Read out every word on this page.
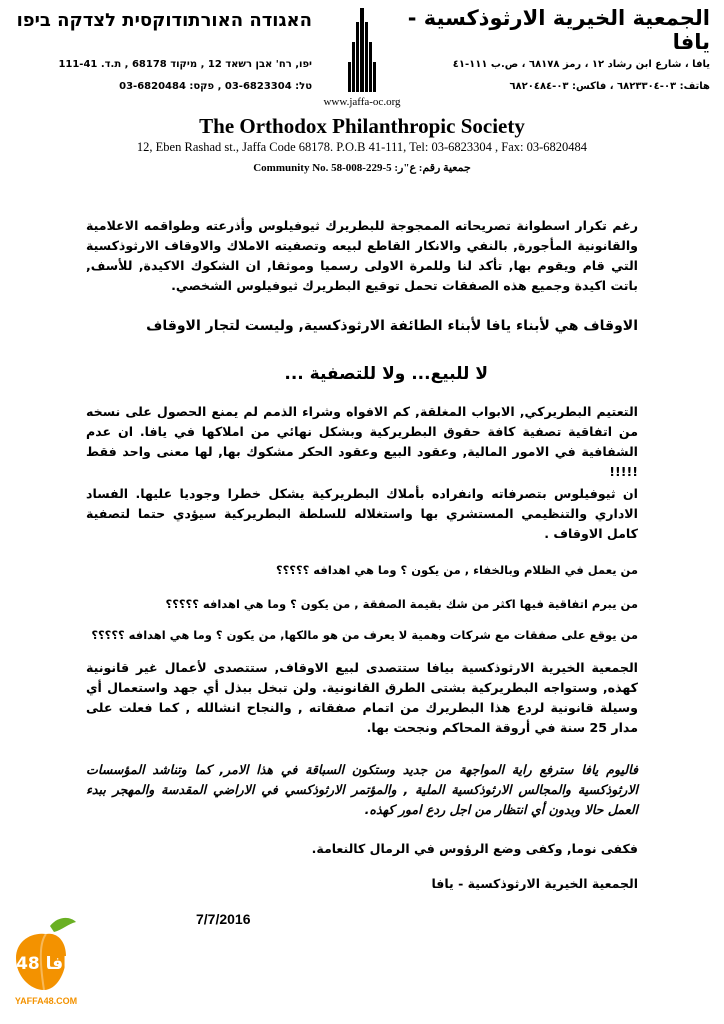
الجمعية الخيرية الارثوذكسية - يافا
يافا ، شارع ابن رشاد ١٢ ، رمز ٦٨١٧٨ ، ص.ب ١١١-٤١
هاتف: ٠٣-٦٨٢٣٣٠٤ ، فاكس: ٠٣-٦٨٢٠٤٨٤
האגודה האורתודוקסית לצדקה ביפו
יפו, רח' אבן רשאד 12 , מיקוד 68178 , ת.ד. 111-41
טל: 03-6823304 , פקס: 03-6820484
www.jaffa-oc.org
The Orthodox Philanthropic Society
12, Eben Rashad st., Jaffa Code 68178. P.O.B 41-111, Tel: 03-6823304 , Fax: 03-6820484
Community No. 58-008-229-5 :جمعية رقم: ع"ر
رغم تكرار اسطوانة تصريحاته الممجوجة للبطريرك ثيوفيلوس وأذرعته وطواقمه الاعلامية والقانونية المأجورة, بالنفي والانكار القاطع لبيعه وتصفيته الاملاك والاوقاف الارثوذكسية التي قام ويقوم بها, تأكد لنا وللمرة الاولى رسميا وموثقا, ان الشكوك الاكيدة, للأسف, باتت اكيدة وجميع هذه الصفقات تحمل توقيع البطريرك ثيوفيلوس الشخصي.
الاوقاف هي لأبناء يافا لأبناء الطائفة الارثوذكسية, وليست لتجار الاوقاف
لا للبيع... ولا للتصفية ...
التعتيم البطريركي, الابواب المغلقة, كم الافواه وشراء الذمم لم يمنع الحصول على نسخه من اتفاقية تصفية كافة حقوق البطريركية وبشكل نهائي من املاكها في يافا. ان عدم الشفافية في الامور المالية, وعقود البيع وعقود الحكر مشكوك بها, لها معنى واحد فقط !!!!!
ان ثيوفيلوس بتصرفاته وانفراده بأملاك البطريركية يشكل خطرا وجوديا عليها. الفساد الاداري والتنظيمي المستشري بها واستغلاله للسلطة البطريركية سيؤدي حتما لتصفية كامل الاوقاف .
من يعمل في الظلام وبالخفاء , من يكون ؟ وما هي اهدافه ؟؟؟؟؟
من يبرم اتفاقية فيها اكثر من شك بقيمة الصفقة , من يكون ؟ وما هي اهدافه ؟؟؟؟؟
من يوقع على صفقات مع شركات وهمية لا يعرف من هو مالكها, من يكون ؟ وما هي اهدافه ؟؟؟؟؟
الجمعية الخيرية الارثوذكسية بيافا ستتصدى لبيع الاوقاف, ستتصدى لأعمال غير قانونية كهذه, وستواجه البطريركية بشتى الطرق القانونية. ولن تبخل ببذل أي جهد واستعمال أي وسيلة قانونية لردع هذا البطريرك من اتمام صفقاته , والنجاح انشالله , كما فعلت على مدار 25 سنة في أروقة المحاكم ونجحت بها.
فاليوم يافا سترفع راية المواجهة من جديد وستكون السباقة في هذا الامر, كما وتناشد المؤسسات الارثوذكسية والمجالس الارثوذكسية الملية , والمؤتمر الارثوذكسي في الاراضي المقدسة والمهجر ببدء العمل حالا وبدون أي انتظار من اجل ردع امور كهذه.
فكفى نوما, وكفى وضع الرؤوس في الرمال كالنعامة.
الجمعية الخيرية الارثوذكسية - يافا
7/7/2016
يافا 48
YAFFA48.COM
